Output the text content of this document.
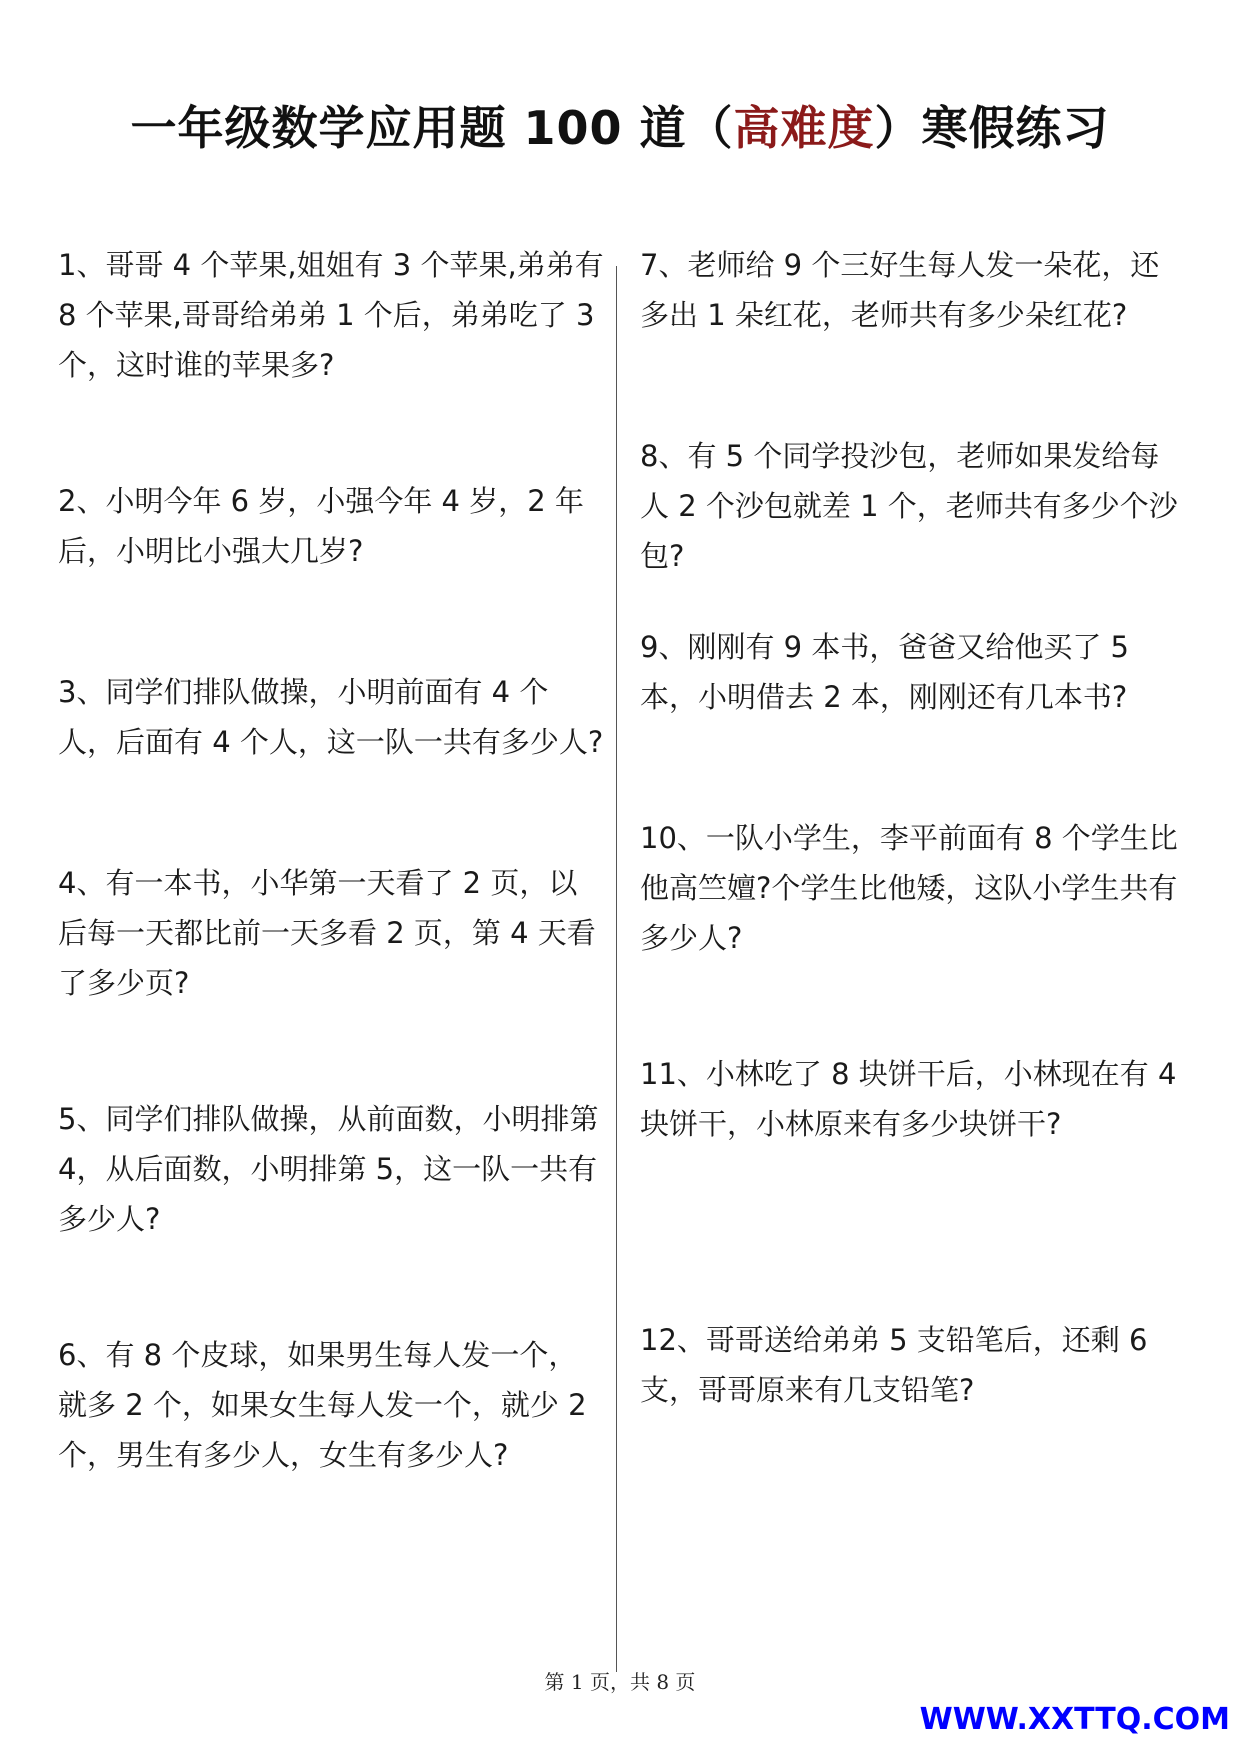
一年级数学应用题 100 道（高难度）寒假练习
1、哥哥 4 个苹果,姐姐有 3 个苹果,弟弟有 8 个苹果,哥哥给弟弟 1 个后，弟弟吃了 3 个，这时谁的苹果多?
2、小明今年 6 岁，小强今年 4 岁，2 年后，小明比小强大几岁?
3、同学们排队做操，小明前面有 4 个人，后面有 4 个人，这一队一共有多少人?
4、有一本书，小华第一天看了 2 页，以后每一天都比前一天多看 2 页，第 4 天看了多少页?
5、同学们排队做操，从前面数，小明排第 4，从后面数，小明排第 5，这一队一共有多少人?
6、有 8 个皮球，如果男生每人发一个，就多 2 个，如果女生每人发一个，就少 2 个，男生有多少人，女生有多少人?
7、老师给 9 个三好生每人发一朵花，还多出 1 朵红花，老师共有多少朵红花?
8、有 5 个同学投沙包，老师如果发给每人 2 个沙包就差 1 个，老师共有多少个沙包?
9、刚刚有 9 本书，爸爸又给他买了 5 本，小明借去 2 本，刚刚还有几本书?
10、一队小学生，李平前面有 8 个学生比他高竺嬗?个学生比他矮，这队小学生共有多少人?
11、小林吃了 8 块饼干后，小林现在有 4 块饼干，小林原来有多少块饼干?
12、哥哥送给弟弟 5 支铅笔后，还剩 6 支，哥哥原来有几支铅笔?
第 1 页，共 8 页
WWW.XXTTQ.COM
